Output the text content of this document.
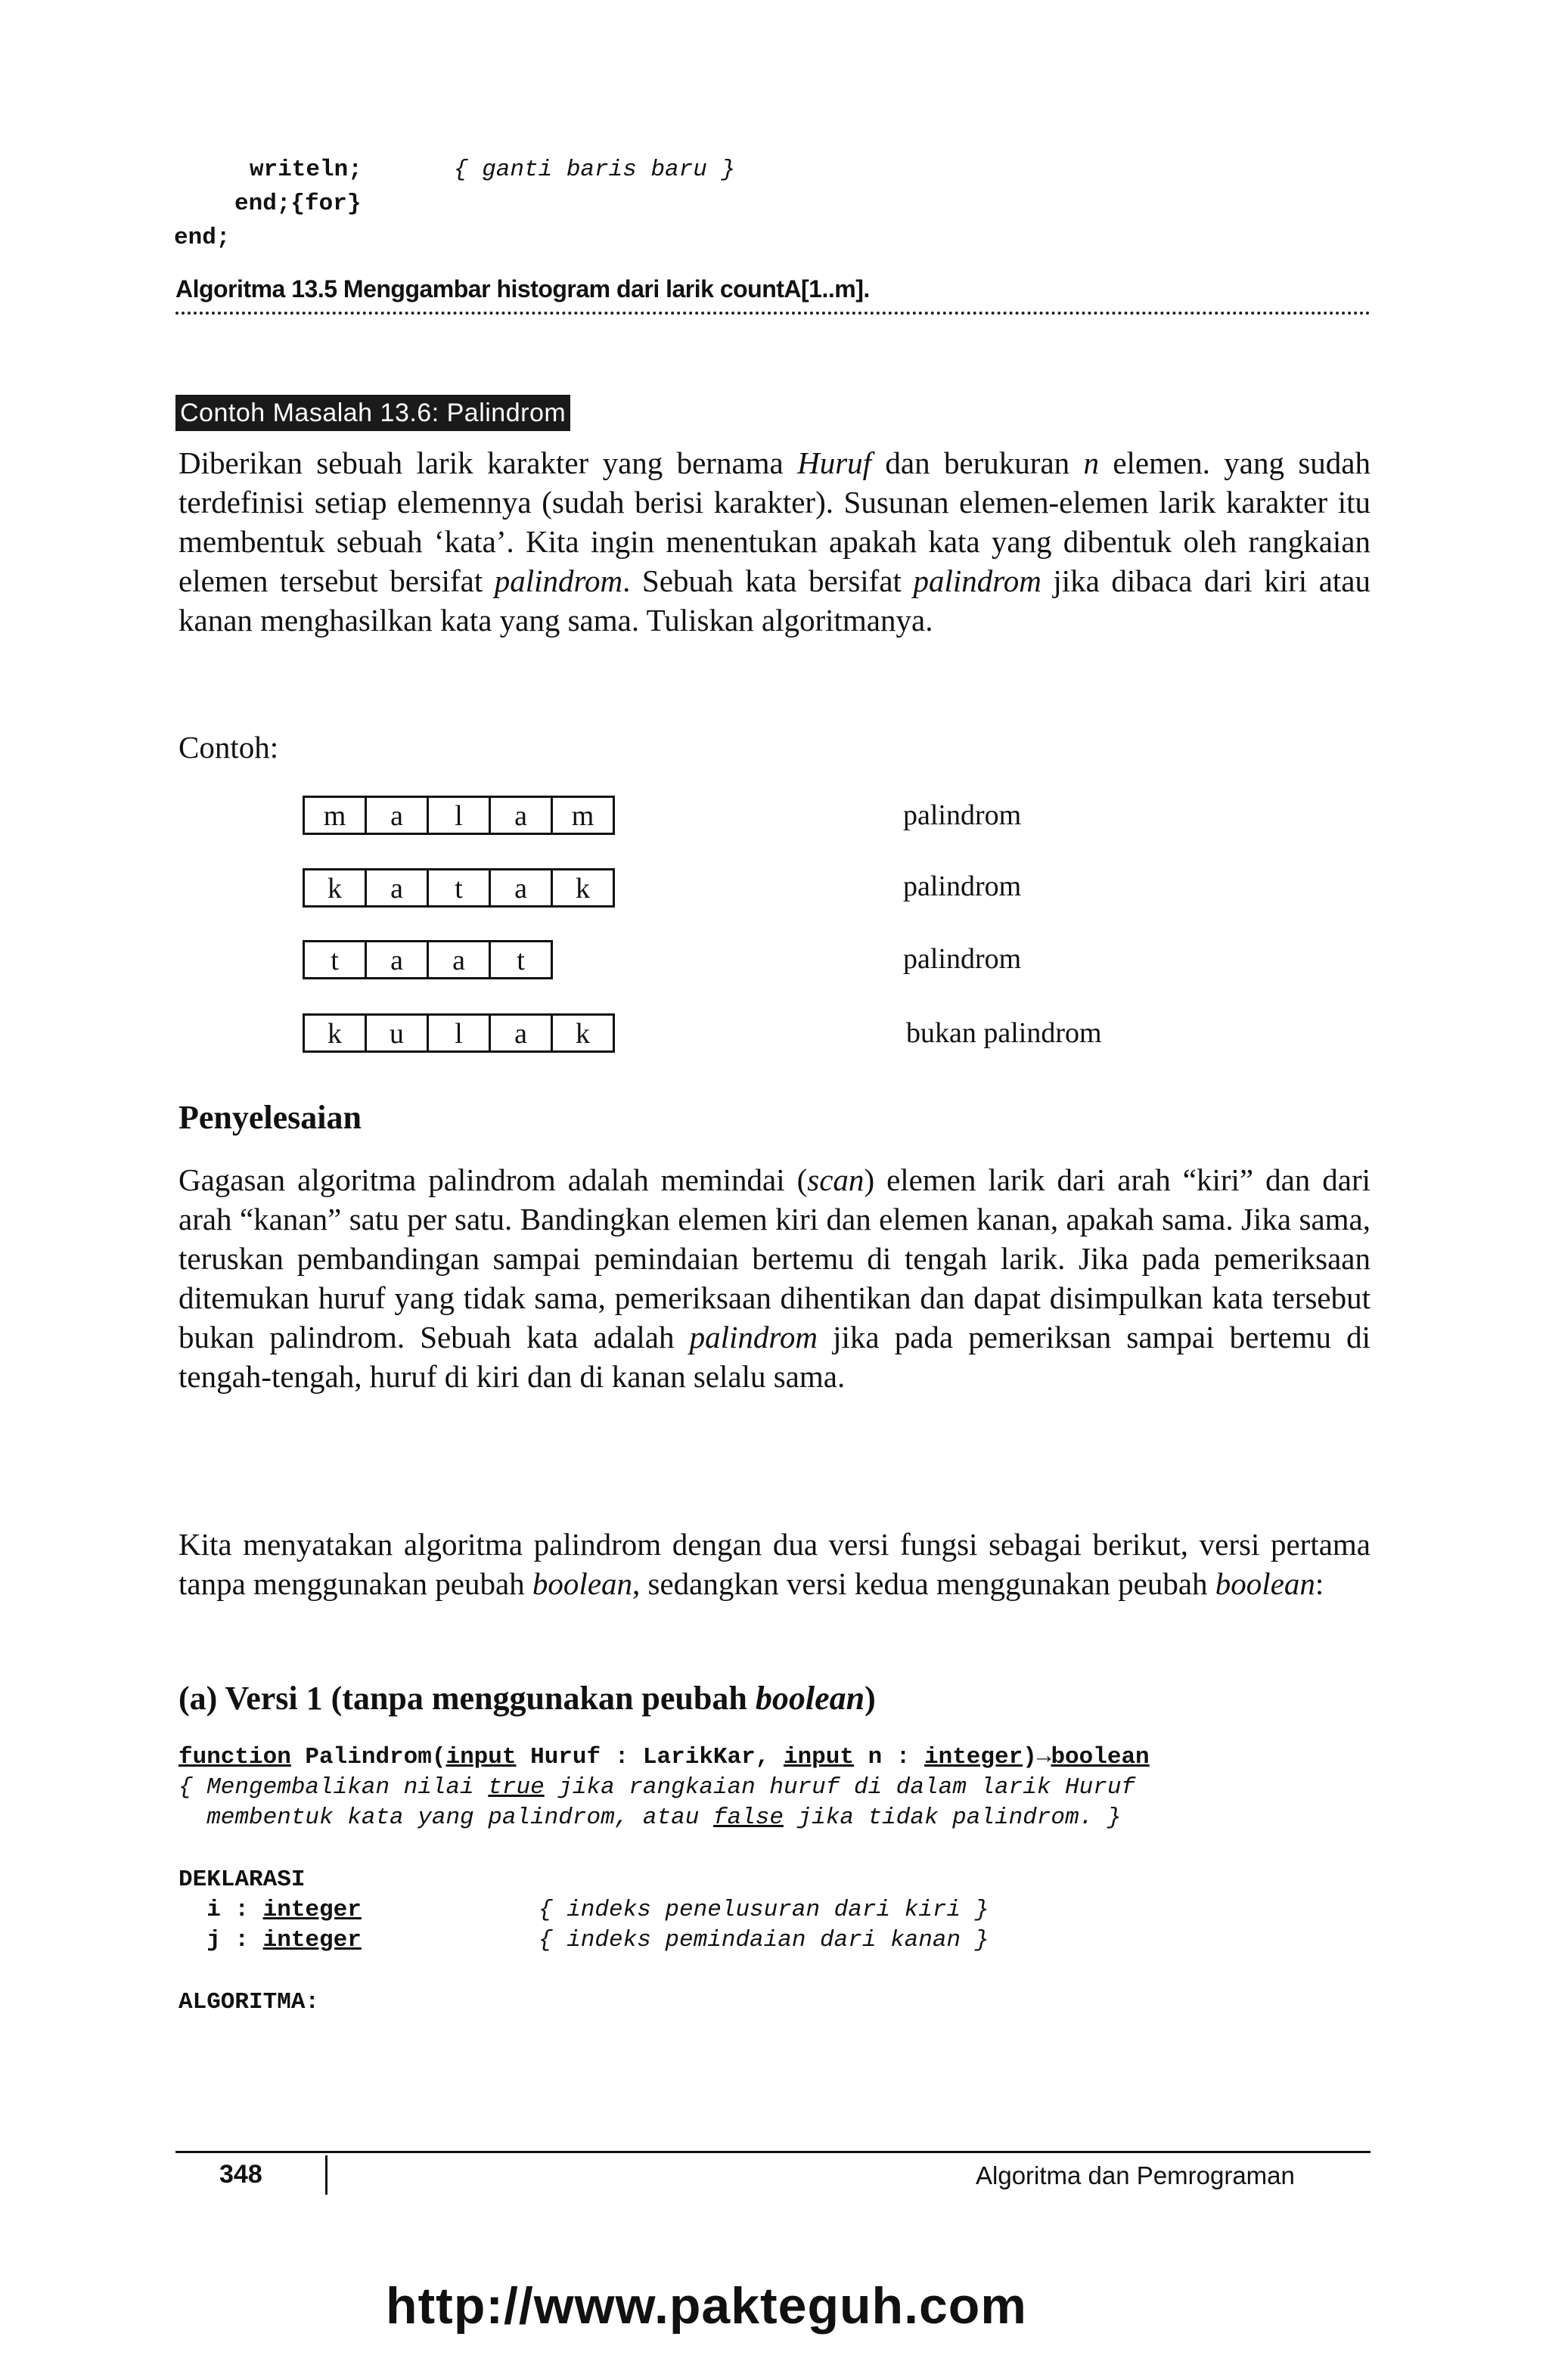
writeln;	{ ganti baris baru }
end;{for}
end;
Algoritma 13.5 Menggambar histogram dari larik countA[1..m].
Contoh Masalah 13.6: Palindrom
Diberikan sebuah larik karakter yang bernama Huruf dan berukuran n elemen. yang sudah terdefinisi setiap elemennya (sudah berisi karakter). Susunan elemen-elemen larik karakter itu membentuk sebuah ‘kata’. Kita ingin menentukan apakah kata yang dibentuk oleh rangkaian elemen tersebut bersifat palindrom. Sebuah kata bersifat palindrom jika dibaca dari kiri atau kanan menghasilkan kata yang sama. Tuliskan algoritmanya.
Contoh:
m	a	l	a	m	palindrom
k	a	t	a	k	palindrom
t	a	a	t	palindrom
k	u	l	a	k	bukan palindrom
Penyelesaian
Gagasan algoritma palindrom adalah memindai (scan) elemen larik dari arah “kiri” dan dari arah “kanan” satu per satu. Bandingkan elemen kiri dan elemen kanan, apakah sama. Jika sama, teruskan pembandingan sampai pemindaian bertemu di tengah larik. Jika pada pemeriksaan ditemukan huruf yang tidak sama, pemeriksaan dihentikan dan dapat disimpulkan kata tersebut bukan palindrom. Sebuah kata adalah palindrom jika pada pemeriksan sampai bertemu di tengah-tengah, huruf di kiri dan di kanan selalu sama.
Kita menyatakan algoritma palindrom dengan dua versi fungsi sebagai berikut, versi pertama tanpa menggunakan peubah boolean, sedangkan versi kedua menggunakan peubah boolean:
(a) Versi 1 (tanpa menggunakan peubah boolean)
function Palindrom(input Huruf : LarikKar, input n : integer)→boolean
{ Mengembalikan nilai true jika rangkaian huruf di dalam larik Huruf
membentuk kata yang palindrom, atau false jika tidak palindrom. }
DEKLARASI
i : integer	{ indeks penelusuran dari kiri }
j : integer	{ indeks pemindaian dari kanan }
ALGORITMA:
348	Algoritma dan Pemrograman
http://www.pakteguh.com
